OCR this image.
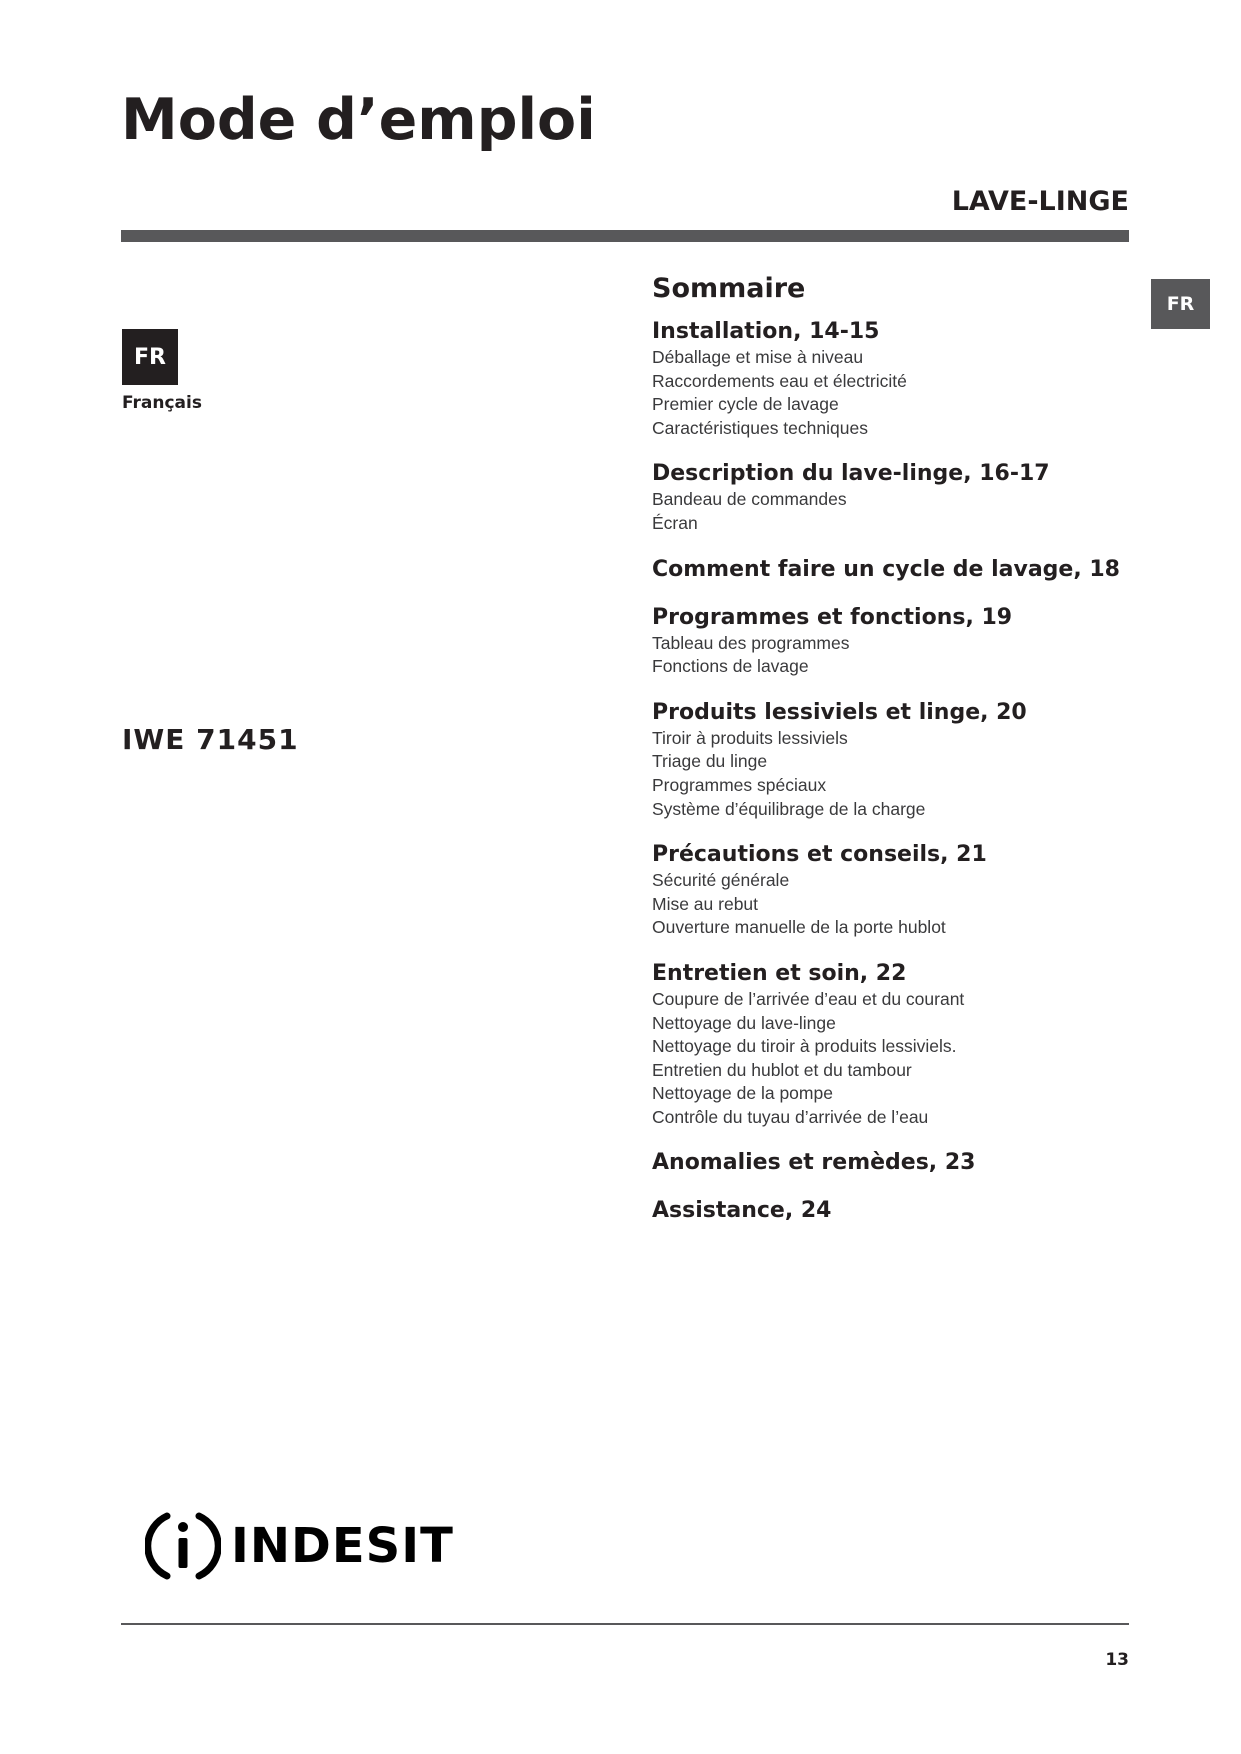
Mode d’emploi
LAVE-LINGE
FR
FR
Français
IWE 71451
Sommaire
Installation, 14-15
Déballage et mise à niveau
Raccordements eau et électricité
Premier cycle de lavage
Caractéristiques techniques
Description du lave-linge, 16-17
Bandeau de commandes
Écran
Comment faire un cycle de lavage, 18
Programmes et fonctions, 19
Tableau des programmes
Fonctions de lavage
Produits lessiviels et linge, 20
Tiroir à produits lessiviels
Triage du linge
Programmes spéciaux
Système d’équilibrage de la charge
Précautions et conseils, 21
Sécurité générale
Mise au rebut
Ouverture manuelle de la porte hublot
Entretien et soin, 22
Coupure de l’arrivée d’eau et du courant
Nettoyage du lave-linge
Nettoyage du tiroir à produits lessiviels.
Entretien du hublot et du tambour
Nettoyage de la pompe
Contrôle du tuyau d’arrivée de l’eau
Anomalies et remèdes, 23
Assistance, 24
INDESIT
13
